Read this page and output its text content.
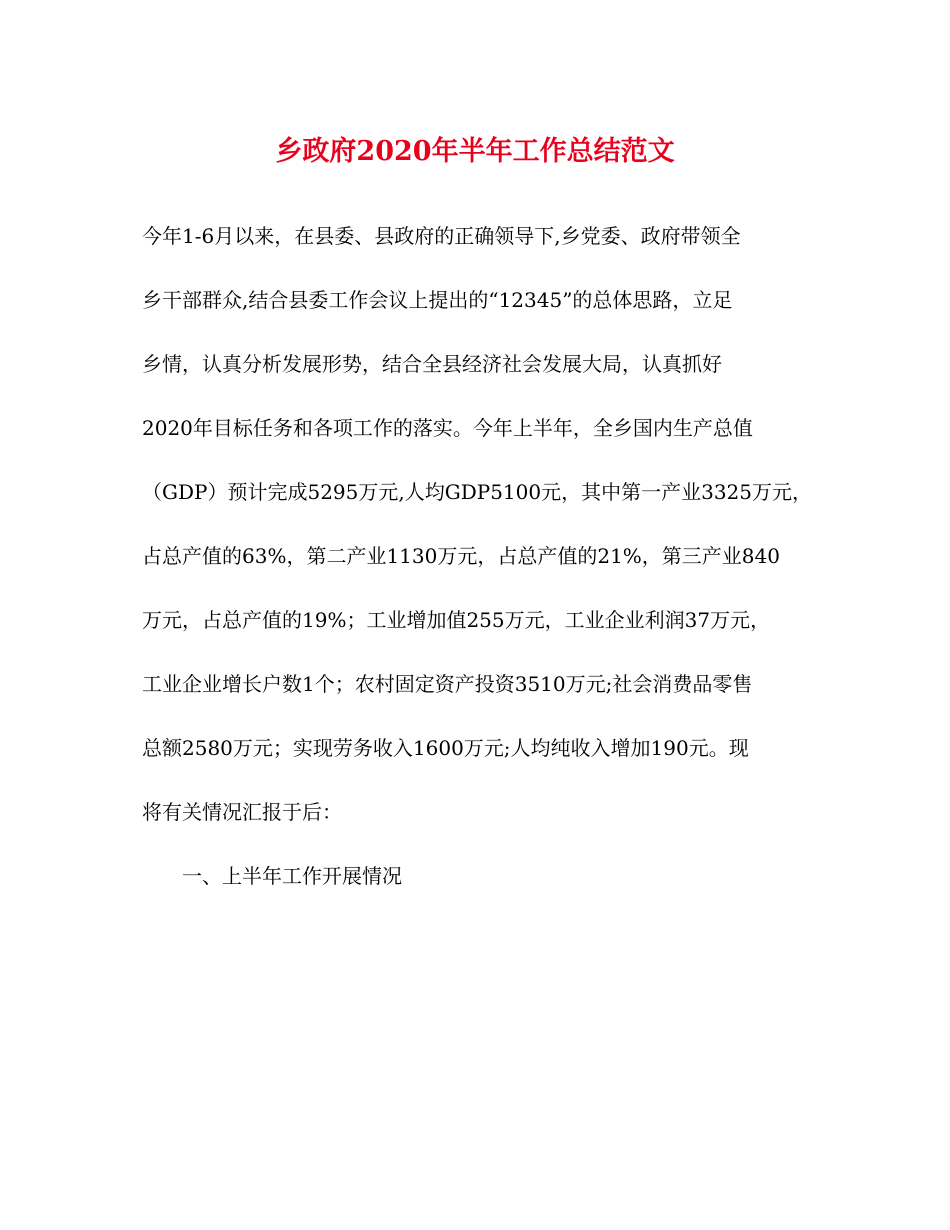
乡政府2020年半年工作总结范文
今年1-6月以来，在县委、县政府的正确领导下,乡党委、政府带领全
乡干部群众,结合县委工作会议上提出的“12345”的总体思路，立足
乡情，认真分析发展形势，结合全县经济社会发展大局，认真抓好
2020年目标任务和各项工作的落实。今年上半年，全乡国内生产总值
（GDP）预计完成5295万元,人均GDP5100元，其中第一产业3325万元，
占总产值的63%，第二产业1130万元，占总产值的21%，第三产业840
万元，占总产值的19%；工业增加值255万元，工业企业利润37万元，
工业企业增长户数1个；农村固定资产投资3510万元;社会消费品零售
总额2580万元；实现劳务收入1600万元;人均纯收入增加190元。现
将有关情况汇报于后：
一、上半年工作开展情况
